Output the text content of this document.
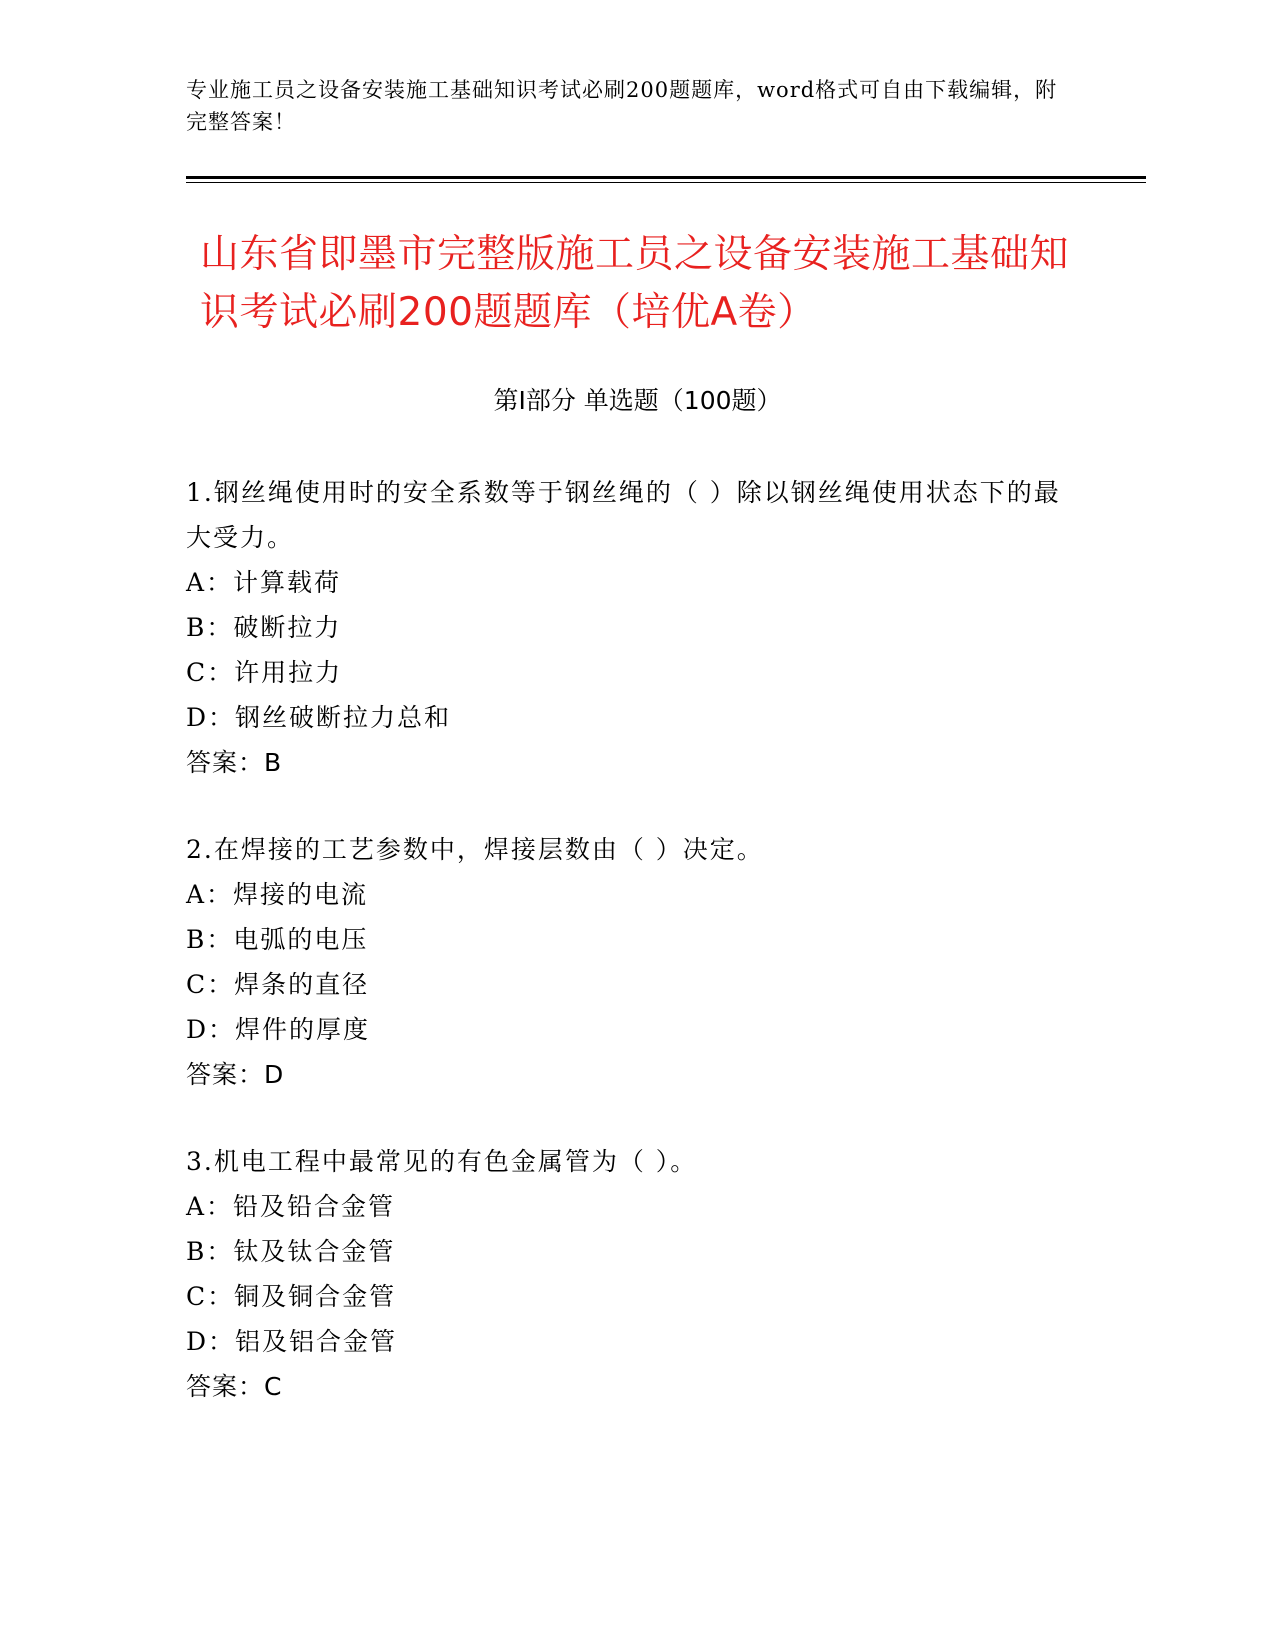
专业施工员之设备安装施工基础知识考试必刷200题题库，word格式可自由下载编辑，附完整答案！
山东省即墨市完整版施工员之设备安装施工基础知识考试必刷200题题库（培优A卷）
第Ⅰ部分 单选题（100题）
1.钢丝绳使用时的安全系数等于钢丝绳的（ ）除以钢丝绳使用状态下的最大受力。
A：计算载荷
B：破断拉力
C：许用拉力
D：钢丝破断拉力总和
答案：B
2.在焊接的工艺参数中，焊接层数由（ ）决定。
A：焊接的电流
B：电弧的电压
C：焊条的直径
D：焊件的厚度
答案：D
3.机电工程中最常见的有色金属管为（ ）。
A：铅及铅合金管
B：钛及钛合金管
C：铜及铜合金管
D：铝及铝合金管
答案：C
